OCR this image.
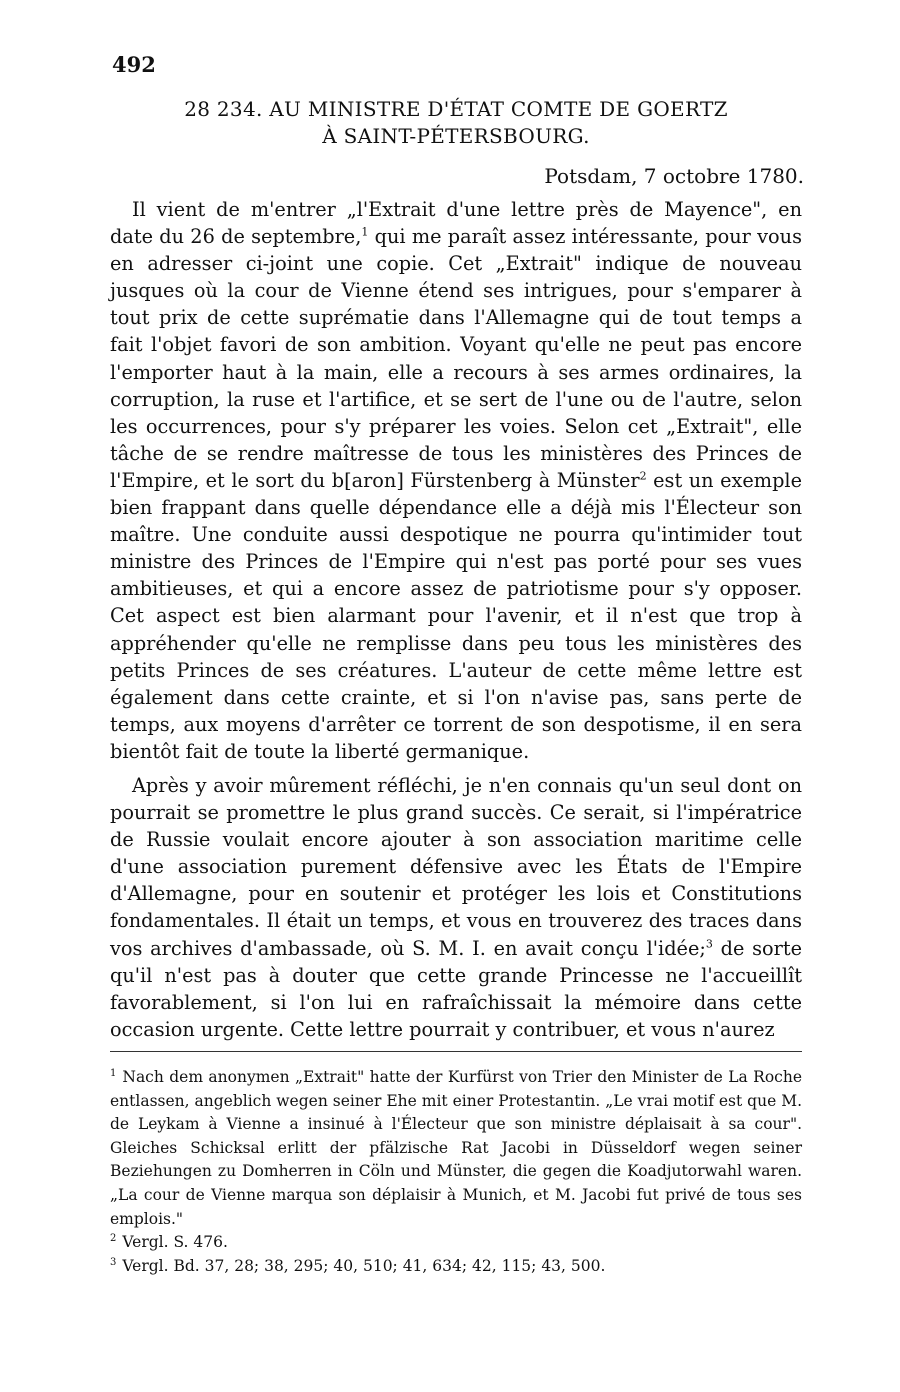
492
28 234. AU MINISTRE D'ÉTAT COMTE DE GOERTZ
À SAINT-PÉTERSBOURG.
Potsdam, 7 octobre 1780.

Il vient de m'entrer „l'Extrait d'une lettre près de Mayence", en date du 26 de septembre,$^1$ qui me paraît assez intéressante, pour vous en adresser ci-joint une copie. Cet „Extrait" indique de nouveau jusques où la cour de Vienne étend ses intrigues, pour s'emparer à tout prix de cette suprématie dans l'Allemagne qui de tout temps a fait l'objet favori de son ambition. Voyant qu'elle ne peut pas encore l'emporter haut à la main, elle a recours à ses armes ordinaires, la corruption, la ruse et l'artifice, et se sert de l'une ou de l'autre, selon les occurrences, pour s'y préparer les voies. Selon cet „Extrait", elle tâche de se rendre maîtresse de tous les ministères des Princes de l'Empire, et le sort du b[aron] Fürstenberg à Münster$^2$ est un exemple bien frappant dans quelle dépendance elle a déjà mis l'Électeur son maître. Une conduite aussi despotique ne pourra qu'intimider tout ministre des Princes de l'Empire qui n'est pas porté pour ses vues ambitieuses, et qui a encore assez de patriotisme pour s'y opposer. Cet aspect est bien alarmant pour l'avenir, et il n'est que trop à appréhender qu'elle ne remplisse dans peu tous les ministères des petits Princes de ses créatures. L'auteur de cette même lettre est également dans cette crainte, et si l'on n'avise pas, sans perte de temps, aux moyens d'arrêter ce torrent de son despotisme, il en sera bientôt fait de toute la liberté germanique.

Après y avoir mûrement réfléchi, je n'en connais qu'un seul dont on pourrait se promettre le plus grand succès. Ce serait, si l'impératrice de Russie voulait encore ajouter à son association maritime celle d'une association purement défensive avec les États de l'Empire d'Allemagne, pour en soutenir et protéger les lois et Constitutions fondamentales. Il était un temps, et vous en trouverez des traces dans vos archives d'ambassade, où S. M. I. en avait conçu l'idée;$^3$ de sorte qu'il n'est pas à douter que cette grande Princesse ne l'accueillît favorablement, si l'on lui en rafraîchissait la mémoire dans cette occasion urgente. Cette lettre pourrait y contribuer, et vous n'aurez

$^1$ Nach dem anonymen „Extrait" hatte der Kurfürst von Trier den Minister de La Roche entlassen, angeblich wegen seiner Ehe mit einer Protestantin. „Le vrai motif est que M. de Leykam à Vienne a insinué à l'Électeur que son ministre déplaisait à sa cour". Gleiches Schicksal erlitt der pfälzische Rat Jacobi in Düsseldorf wegen seiner Beziehungen zu Domherren in Cöln und Münster, die gegen die Koadjutorwahl waren. „La cour de Vienne marqua son déplaisir à Munich, et M. Jacobi fut privé de tous ses emplois."

$^2$ Vergl. S. 476.

$^3$ Vergl. Bd. 37, 28; 38, 295; 40, 510; 41, 634; 42, 115; 43, 500.
